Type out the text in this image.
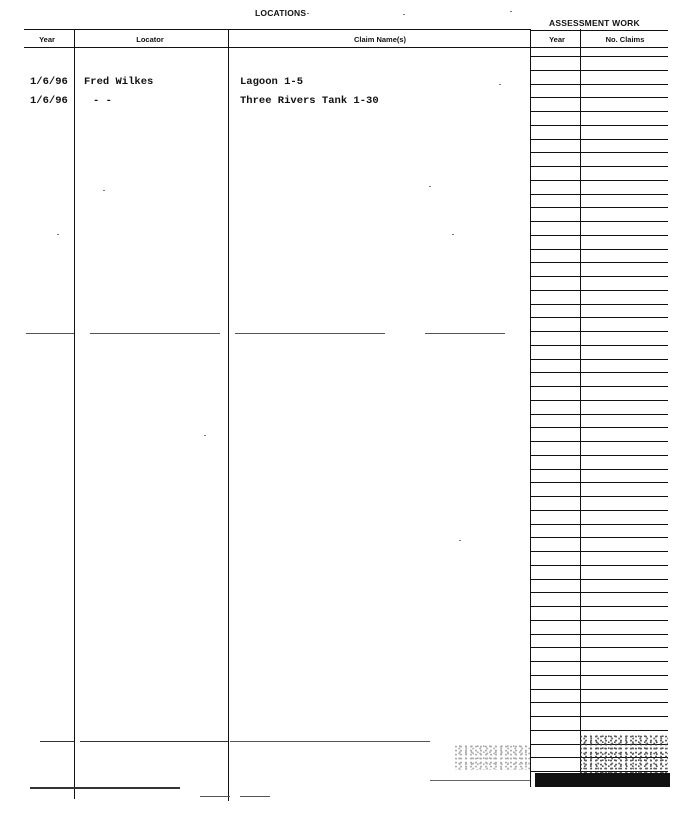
LOCATIONS
ASSESSMENT WORK
Year	Locator	Claim Name(s)	Year	No. Claims
1/6/96 Fred Wilkes	Lagoon 1-5
1/6/96 - -	Three Rivers Tank 1-30
